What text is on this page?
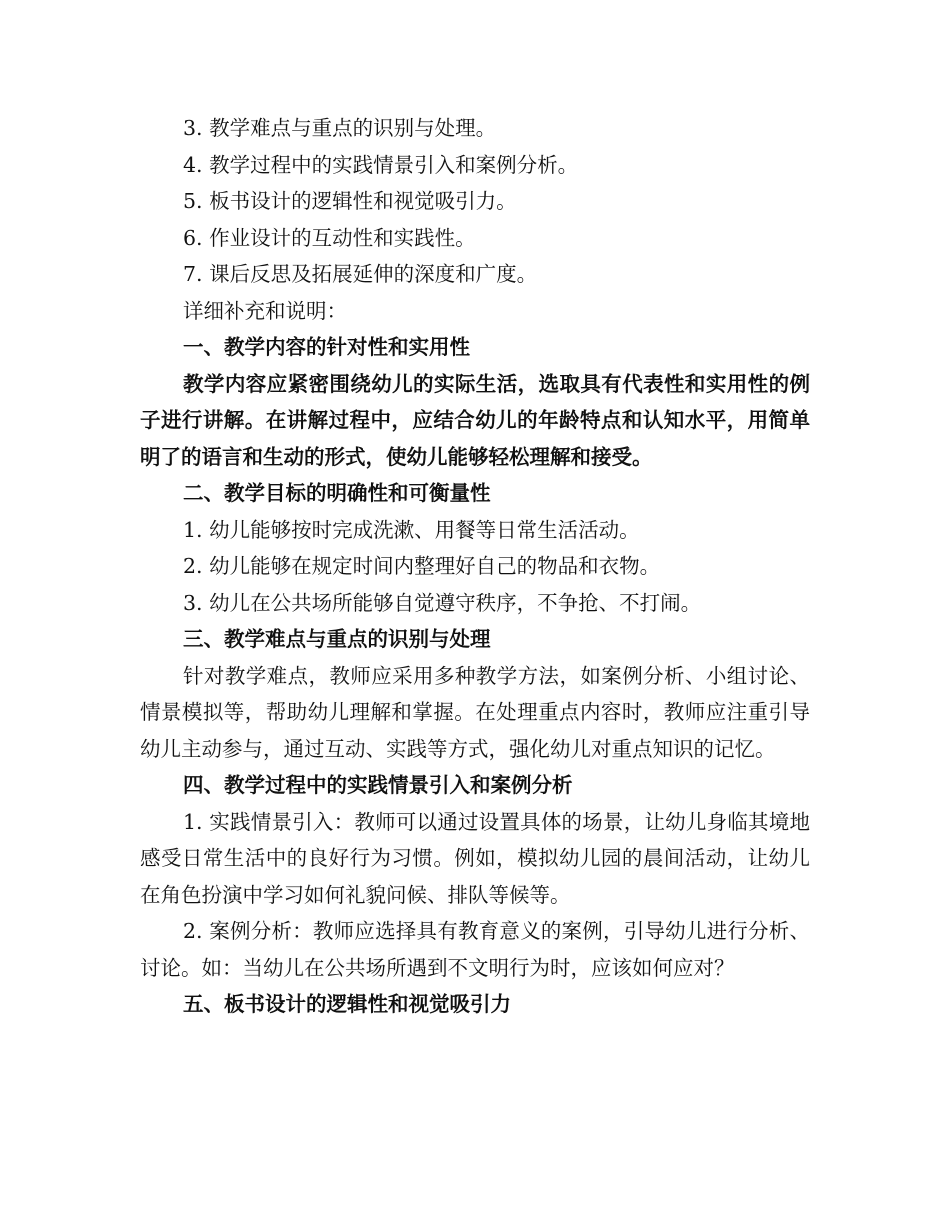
3. 教学难点与重点的识别与处理。
4. 教学过程中的实践情景引入和案例分析。
5. 板书设计的逻辑性和视觉吸引力。
6. 作业设计的互动性和实践性。
7. 课后反思及拓展延伸的深度和广度。
详细补充和说明：
一、教学内容的针对性和实用性
教学内容应紧密围绕幼儿的实际生活，选取具有代表性和实用性的例子进行讲解。在讲解过程中，应结合幼儿的年龄特点和认知水平，用简单明了的语言和生动的形式，使幼儿能够轻松理解和接受。
二、教学目标的明确性和可衡量性
1. 幼儿能够按时完成洗漱、用餐等日常生活活动。
2. 幼儿能够在规定时间内整理好自己的物品和衣物。
3. 幼儿在公共场所能够自觉遵守秩序，不争抢、不打闹。
三、教学难点与重点的识别与处理
针对教学难点，教师应采用多种教学方法，如案例分析、小组讨论、情景模拟等，帮助幼儿理解和掌握。在处理重点内容时，教师应注重引导幼儿主动参与，通过互动、实践等方式，强化幼儿对重点知识的记忆。
四、教学过程中的实践情景引入和案例分析
1. 实践情景引入：教师可以通过设置具体的场景，让幼儿身临其境地感受日常生活中的良好行为习惯。例如，模拟幼儿园的晨间活动，让幼儿在角色扮演中学习如何礼貌问候、排队等候等。
2. 案例分析：教师应选择具有教育意义的案例，引导幼儿进行分析、讨论。如：当幼儿在公共场所遇到不文明行为时，应该如何应对？
五、板书设计的逻辑性和视觉吸引力
